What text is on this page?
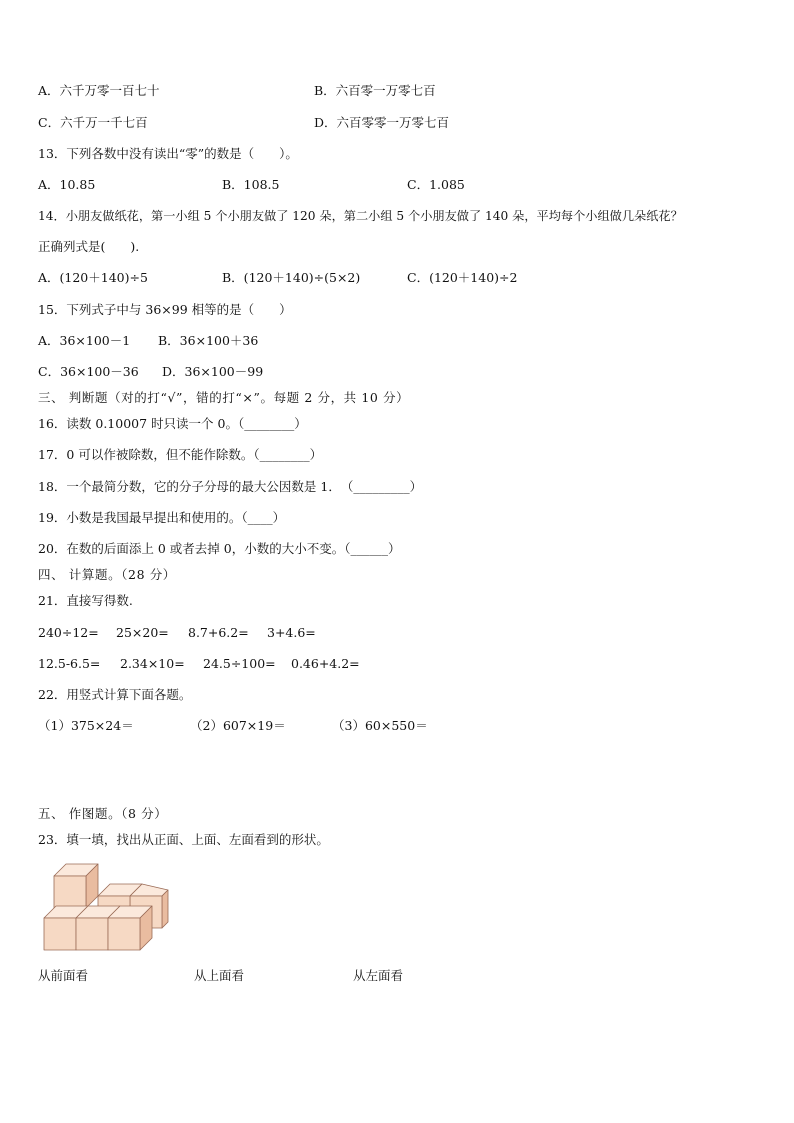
A．六千万零一百七十	B．六百零一万零七百
C．六千万一千七百	D．六百零零一万零七百
13．下列各数中没有读出“零”的数是（　　）。
A．10.85	B．108.5	C．1.085
14．小朋友做纸花，第一小组 5 个小朋友做了 120 朵，第二小组 5 个小朋友做了 140 朵，平均每个小组做几朵纸花？
正确列式是(　　).
A．(120＋140)÷5	B．(120＋140)÷(5×2)	C．(120＋140)÷2
15．下列式子中与 36×99 相等的是（　　）
A．36×100－1 B．36×100＋36
C．36×100－36 D．36×100－99
三、 判断题（对的打“√”，错的打“×”。每题 2 分，共 10 分）
16．读数 0.10007 时只读一个 0。（________）
17．0 可以作被除数，但不能作除数。（________）
18．一个最简分数，它的分子分母的最大公因数是 1．　（_________）
19．小数是我国最早提出和使用的。（____）
20．在数的后面添上 0 或者去掉 0，小数的大小不变。（______）
四、 计算题。（28 分）
21．直接写得数.
240÷12= 25×20= 8.7+6.2= 3+4.6=
12.5-6.5= 2.34×10= 24.5÷100= 0.46+4.2=
22．用竖式计算下面各题。
（1）375×24＝	（2）607×19＝	（3）60×550＝
五、 作图题。（8 分）
23．填一填，找出从正面、上面、左面看到的形状。
从前面看	从上面看	从左面看
